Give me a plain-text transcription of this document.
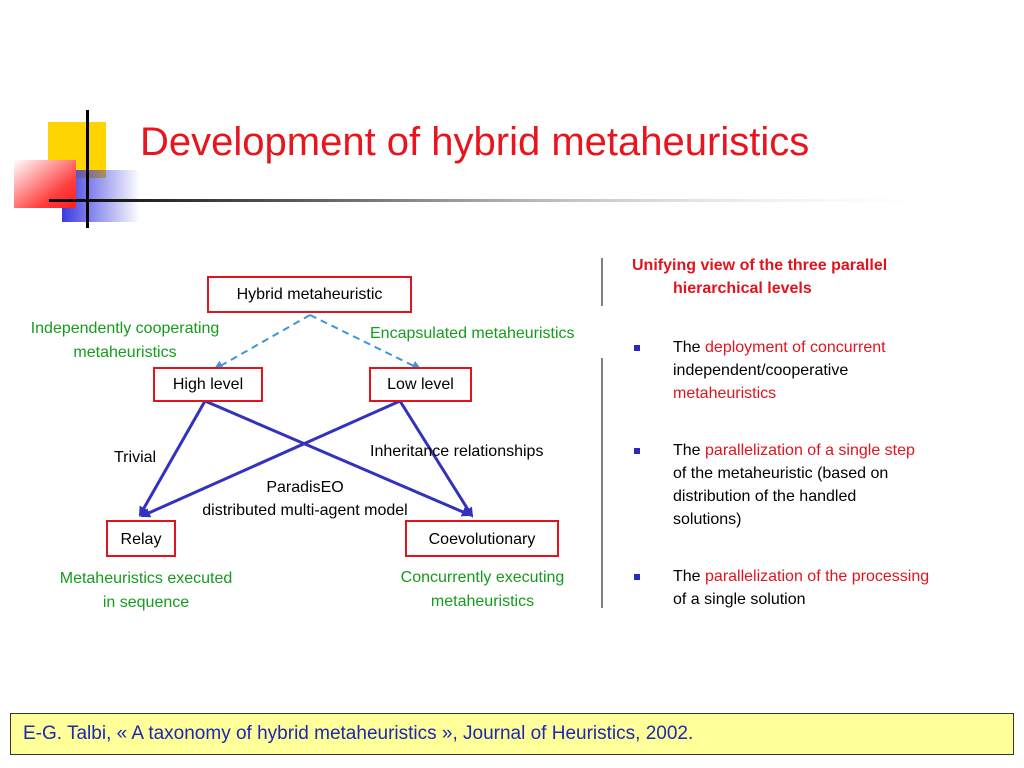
Development of hybrid metaheuristics
Hybrid metaheuristic
High level	Low level
Relay	Coevolutionary
Independently cooperating
metaheuristics
Encapsulated metaheuristics
Trivial	Inheritance relationships
ParadisEO
distributed multi-agent model
Metaheuristics executed
in sequence
Concurrently executing
metaheuristics
Unifying view of the three parallel
hierarchical levels
The deployment of concurrent
independent/cooperative
metaheuristics
The parallelization of a single step
of the metaheuristic (based on
distribution of the handled
solutions)
The parallelization of the processing
of a single solution
E-G. Talbi, « A taxonomy of hybrid metaheuristics », Journal of Heuristics, 2002.
